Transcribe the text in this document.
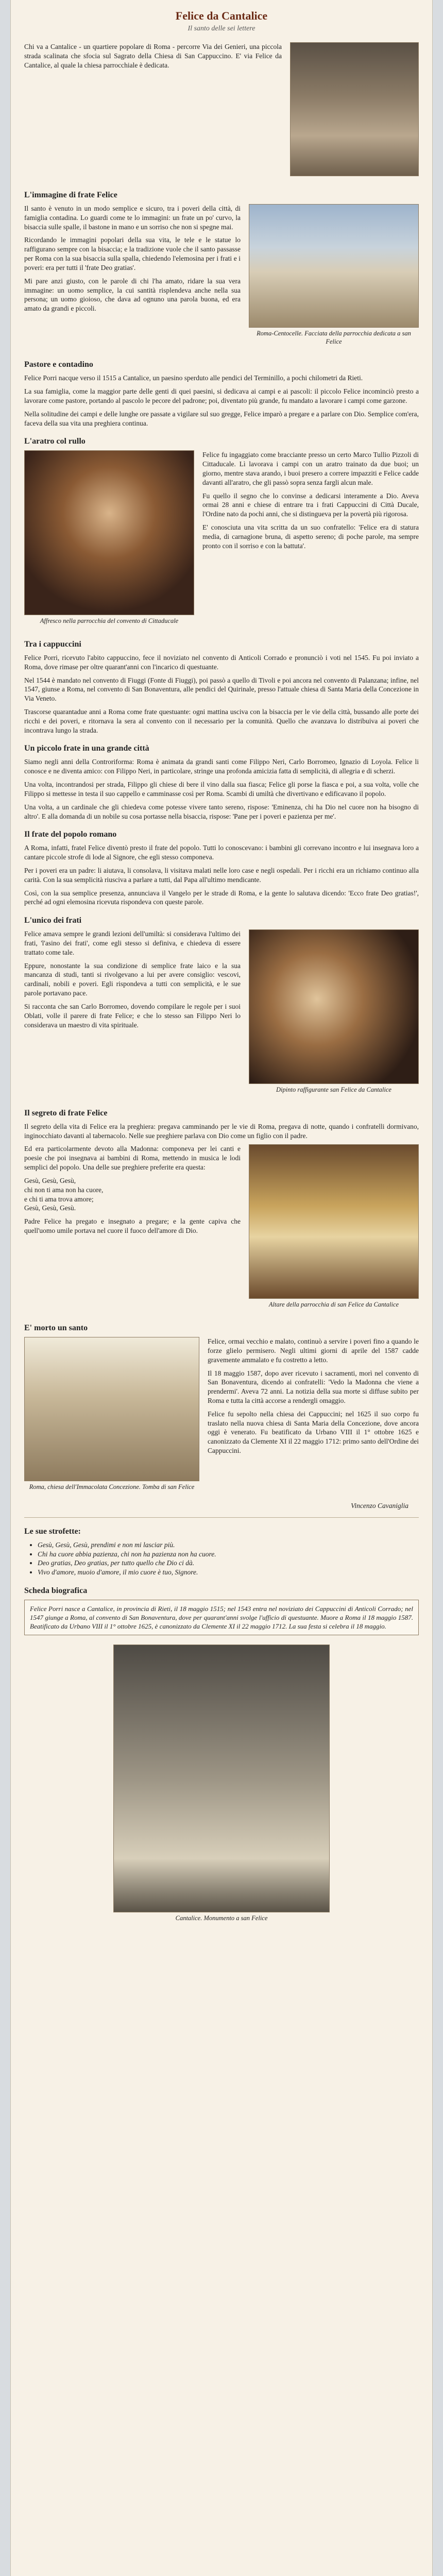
Felice da Cantalice
Il santo delle sei lettere

Chi va a Cantalice - un quartiere popolare di Roma - percorre Via dei Genieri, una piccola strada scalinata che sfocia sul Sagrato della Chiesa di San Cappuccino. E' via Felice da Cantalice, al quale la chiesa parrocchiale è dedicata.

L'immagine di frate Felice
Roma-Centocelle. Facciata della parrocchia dedicata a san Felice

Il santo è venuto in un modo semplice e sicuro, tra i poveri della città, di famiglia contadina. Lo guardi come te lo immagini: un frate un po' curvo, la bisaccia sulle spalle, il bastone in mano e un sorriso che non si spegne mai.

Ricordando le immagini popolari della sua vita, le tele e le statue lo raffigurano sempre con la bisaccia; e la tradizione vuole che il santo passasse per Roma con la sua bisaccia sulla spalla, chiedendo l'elemosina per i frati e i poveri: era per tutti il 'frate Deo gratias'.

Mi pare anzi giusto, con le parole di chi l'ha amato, ridare la sua vera immagine: un uomo semplice, la cui santità risplendeva anche nella sua persona; un uomo gioioso, che dava ad ognuno una parola buona, ed era amato da grandi e piccoli.

Pastore e contadino

Felice Porri nacque verso il 1515 a Cantalice, un paesino sperduto alle pendici del Terminillo, a pochi chilometri da Rieti.

La sua famiglia, come la maggior parte delle genti di quei paesini, si dedicava ai campi e ai pascoli: il piccolo Felice incominciò presto a lavorare come pastore, portando al pascolo le pecore del padrone; poi, diventato più grande, fu mandato a lavorare i campi come garzone.

Nella solitudine dei campi e delle lunghe ore passate a vigilare sul suo gregge, Felice imparò a pregare e a parlare con Dio. Semplice com'era, faceva della sua vita una preghiera continua.

L'aratro col rullo
Affresco nella parrocchia del convento di Cittaducale

Felice fu ingaggiato come bracciante presso un certo Marco Tullio Pizzoli di Cittaducale. Lì lavorava i campi con un aratro trainato da due buoi; un giorno, mentre stava arando, i buoi presero a correre impazziti e Felice cadde davanti all'aratro, che gli passò sopra senza fargli alcun male.

Fu quello il segno che lo convinse a dedicarsi interamente a Dio. Aveva ormai 28 anni e chiese di entrare tra i frati Cappuccini di Città Ducale, l'Ordine nato da pochi anni, che si distingueva per la povertà più rigorosa.

E' conosciuta una vita scritta da un suo confratello: 'Felice era di statura media, di carnagione bruna, di aspetto sereno; di poche parole, ma sempre pronto con il sorriso e con la battuta'.

Tra i cappuccini

Felice Porri, ricevuto l'abito cappuccino, fece il noviziato nel convento di Anticoli Corrado e pronunciò i voti nel 1545. Fu poi inviato a Roma, dove rimase per oltre quarant'anni con l'incarico di questuante.

Nel 1544 è mandato nel convento di Fiuggi (Fonte di Fiuggi), poi passò a quello di Tivoli e poi ancora nel convento di Palanzana; infine, nel 1547, giunse a Roma, nel convento di San Bonaventura, alle pendici del Quirinale, presso l'attuale chiesa di Santa Maria della Concezione in Via Veneto.

Trascorse quarantadue anni a Roma come frate questuante: ogni mattina usciva con la bisaccia per le vie della città, bussando alle porte dei ricchi e dei poveri, e ritornava la sera al convento con il necessario per la comunità. Quello che avanzava lo distribuiva ai poveri che incontrava lungo la strada.

Un piccolo frate in una grande città

Siamo negli anni della Controriforma: Roma è animata da grandi santi come Filippo Neri, Carlo Borromeo, Ignazio di Loyola. Felice li conosce e ne diventa amico: con Filippo Neri, in particolare, stringe una profonda amicizia fatta di semplicità, di allegria e di scherzi.

Una volta, incontrandosi per strada, Filippo gli chiese di bere il vino dalla sua fiasca; Felice gli porse la fiasca e poi, a sua volta, volle che Filippo si mettesse in testa il suo cappello e camminasse così per Roma. Scambi di umiltà che divertivano e edificavano il popolo.

Una volta, a un cardinale che gli chiedeva come potesse vivere tanto sereno, rispose: 'Eminenza, chi ha Dio nel cuore non ha bisogno di altro'. E alla domanda di un nobile su cosa portasse nella bisaccia, rispose: 'Pane per i poveri e pazienza per me'.

Il frate del popolo romano

A Roma, infatti, fratel Felice diventò presto il frate del popolo. Tutti lo conoscevano: i bambini gli correvano incontro e lui insegnava loro a cantare piccole strofe di lode al Signore, che egli stesso componeva.

Per i poveri era un padre: li aiutava, li consolava, li visitava malati nelle loro case e negli ospedali. Per i ricchi era un richiamo continuo alla carità. Con la sua semplicità riusciva a parlare a tutti, dal Papa all'ultimo mendicante.

Così, con la sua semplice presenza, annunciava il Vangelo per le strade di Roma, e la gente lo salutava dicendo: 'Ecco frate Deo gratias!', perché ad ogni elemosina ricevuta rispondeva con queste parole.

L'unico dei frati
Dipinto raffigurante san Felice da Cantalice

Felice amava sempre le grandi lezioni dell'umiltà: si considerava l'ultimo dei frati, 'l'asino dei frati', come egli stesso si definiva, e chiedeva di essere trattato come tale.

Eppure, nonostante la sua condizione di semplice frate laico e la sua mancanza di studi, tanti si rivolgevano a lui per avere consiglio: vescovi, cardinali, nobili e poveri. Egli rispondeva a tutti con semplicità, e le sue parole portavano pace.

Si racconta che san Carlo Borromeo, dovendo compilare le regole per i suoi Oblati, volle il parere di frate Felice; e che lo stesso san Filippo Neri lo considerava un maestro di vita spirituale.

Il segreto di frate Felice

Il segreto della vita di Felice era la preghiera: pregava camminando per le vie di Roma, pregava di notte, quando i confratelli dormivano, inginocchiato davanti al tabernacolo. Nelle sue preghiere parlava con Dio come un figlio con il padre.

Altare della parrocchia di san Felice da Cantalice

Ed era particolarmente devoto alla Madonna: componeva per lei canti e poesie che poi insegnava ai bambini di Roma, mettendo in musica le lodi semplici del popolo. Una delle sue preghiere preferite era questa:

Gesù, Gesù, Gesù,
chi non ti ama non ha cuore,
e chi ti ama trova amore;
Gesù, Gesù, Gesù.

Padre Felice ha pregato e insegnato a pregare; e la gente capiva che quell'uomo umile portava nel cuore il fuoco dell'amore di Dio.

E' morto un santo
Roma, chiesa dell'Immacolata Concezione. Tomba di san Felice

Felice, ormai vecchio e malato, continuò a servire i poveri fino a quando le forze glielo permisero. Negli ultimi giorni di aprile del 1587 cadde gravemente ammalato e fu costretto a letto.

Il 18 maggio 1587, dopo aver ricevuto i sacramenti, morì nel convento di San Bonaventura, dicendo ai confratelli: 'Vedo la Madonna che viene a prendermi'. Aveva 72 anni. La notizia della sua morte si diffuse subito per Roma e tutta la città accorse a rendergli omaggio.

Felice fu sepolto nella chiesa dei Cappuccini; nel 1625 il suo corpo fu traslato nella nuova chiesa di Santa Maria della Concezione, dove ancora oggi è venerato. Fu beatificato da Urbano VIII il 1° ottobre 1625 e canonizzato da Clemente XI il 22 maggio 1712: primo santo dell'Ordine dei Cappuccini.

Vincenzo Cavaniglia
Le sue strofette:
• Gesù, Gesù, Gesù, prendimi e non mi lasciar più.
• Chi ha cuore abbia pazienza, chi non ha pazienza non ha cuore.
• Deo gratias, Deo gratias, per tutto quello che Dio ci dà.
• Vivo d'amore, muoio d'amore, il mio cuore è tuo, Signore.
Scheda biografica
Felice Porri nasce a Cantalice, in provincia di Rieti, il 18 maggio 1515; nel 1543 entra nel noviziato dei Cappuccini di Anticoli Corrado; nel 1547 giunge a Roma, al convento di San Bonaventura, dove per quarant'anni svolge l'ufficio di questuante. Muore a Roma il 18 maggio 1587. Beatificato da Urbano VIII il 1° ottobre 1625, è canonizzato da Clemente XI il 22 maggio 1712. La sua festa si celebra il 18 maggio.
Cantalice. Monumento a san Felice
